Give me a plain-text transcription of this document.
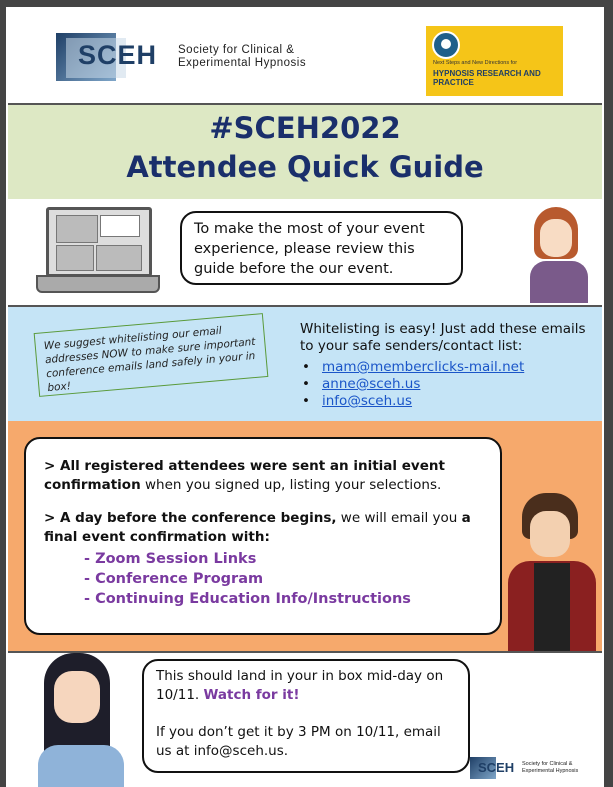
SCEH Society for Clinical &
Experimental Hypnosis	Next Steps and New Directions for
HYPNOSIS RESEARCH AND PRACTICE
#SCEH2022
Attendee Quick Guide
To make the most of your event experience, please review this guide before the our event.
We suggest whitelisting our email addresses NOW to make sure important conference emails land safely in your in box!
Whitelisting is easy! Just add these emails to your safe senders/contact list:
• mam@memberclicks-mail.net
• anne@sceh.us
• info@sceh.us

> All registered attendees were sent an initial event confirmation when you signed up, listing your selections.

> A day before the conference begins, we will email you a final event confirmation with:

- Zoom Session Links
- Conference Program
- Continuing Education Info/Instructions
This should land in your in box mid-day on 10/11. Watch for it!
If you don’t get it by 3 PM on 10/11, email us at info@sceh.us.
SCEH Society for Clinical &
Experimental Hypnosis
